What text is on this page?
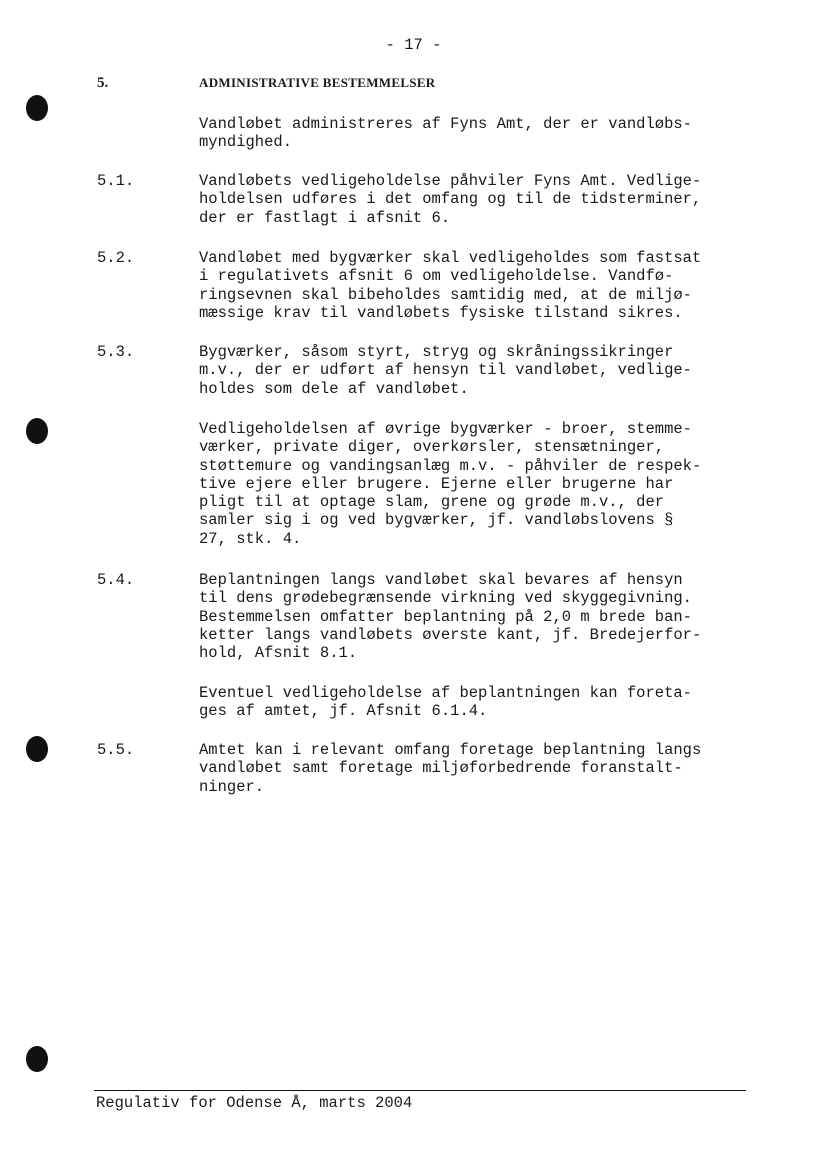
- 17 -
5.	ADMINISTRATIVE BESTEMMELSER
Vandløbet administreres af Fyns Amt, der er vandløbs-
myndighed.
5.1.	Vandløbets vedligeholdelse påhviler Fyns Amt. Vedlige-
holdelsen udføres i det omfang og til de tidsterminer,
der er fastlagt i afsnit 6.
5.2.	Vandløbet med bygværker skal vedligeholdes som fastsat
i regulativets afsnit 6 om vedligeholdelse. Vandfø-
ringsevnen skal bibeholdes samtidig med, at de miljø-
mæssige krav til vandløbets fysiske tilstand sikres.
5.3.	Bygværker, såsom styrt, stryg og skråningssikringer
m.v., der er udført af hensyn til vandløbet, vedlige-
holdes som dele af vandløbet.
Vedligeholdelsen af øvrige bygværker - broer, stemme-
værker, private diger, overkørsler, stensætninger,
støttemure og vandingsanlæg m.v. - påhviler de respek-
tive ejere eller brugere. Ejerne eller brugerne har
pligt til at optage slam, grene og grøde m.v., der
samler sig i og ved bygværker, jf. vandløbslovens §
27, stk. 4.
5.4.	Beplantningen langs vandløbet skal bevares af hensyn
til dens grødebegrænsende virkning ved skyggegivning.
Bestemmelsen omfatter beplantning på 2,0 m brede ban-
ketter langs vandløbets øverste kant, jf. Bredejerfor-
hold, Afsnit 8.1.
Eventuel vedligeholdelse af beplantningen kan foreta-
ges af amtet, jf. Afsnit 6.1.4.
5.5.	Amtet kan i relevant omfang foretage beplantning langs
vandløbet samt foretage miljøforbedrende foranstalt-
ninger.
Regulativ for Odense Å, marts 2004
